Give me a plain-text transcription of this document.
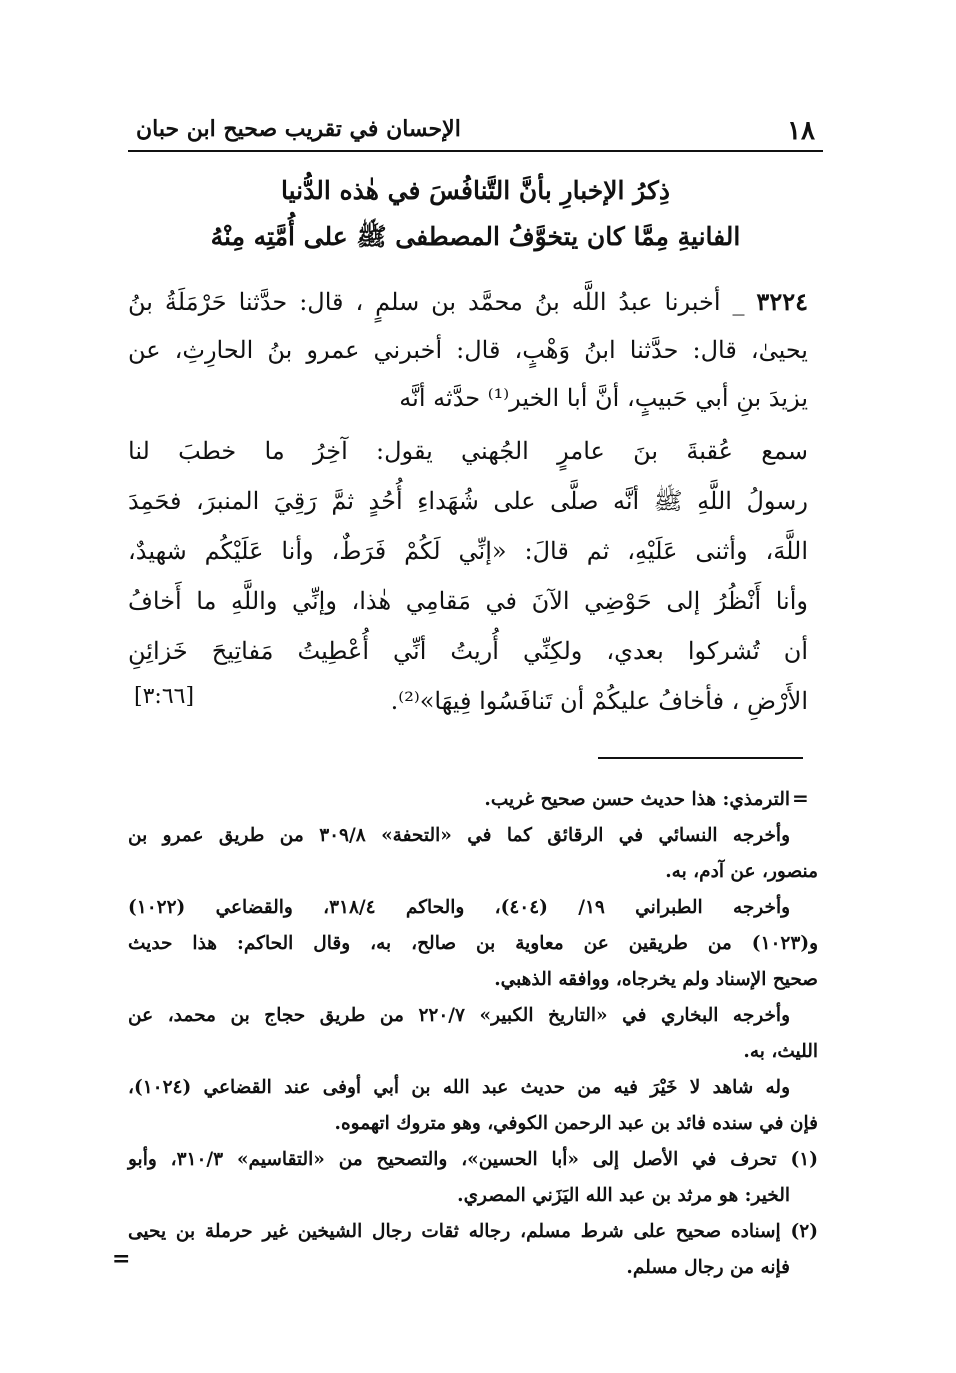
١٨
الإحسان في تقريب صحيح ابن حبان
ذِكرُ الإخبارِ بأنَّ التَّنافُسَ في هٰذه الدُّنيا
الفانيةِ مِمَّا كان يتخوَّفُ المصطفى ﷺ على أُمَّتِه مِنْهُ
٣٢٢٤ _ أخبرنا عبدُ اللَّه بنُ محمَّد بن سلمٍ ، قال: حدَّثنا حَرْمَلَةُ بنُ
يحيىٰ، قال: حدَّثنا ابنُ وَهْبٍ، قال: أخبرني عمرو بنُ الحارِثِ، عن
يزيدَ بنِ أبي حَبيبٍ، أنَّ أبا الخير⁽¹⁾ حدَّثه أنَّه
سمع عُقبةَ بنَ عامرٍ الجُهني يقول: آخِرُ ما خطبَ لنا
رسولُ اللَّهِ ﷺ أنَّه صلَّى على شُهَداءِ أُحُدٍ ثمَّ رَقِيَ المنبرَ، فحَمِدَ
اللَّهَ، وأثنى عَلَيْهِ، ثم قالَ: «إنِّي لَكُمْ فَرَطٌ، وأنا عَلَيْكُم شهيدٌ،
وأنا أَنْظُرُ إلى حَوْضِي الآنَ في مَقامِي هٰذا، وإنِّي واللَّهِ ما أَخافُ
أن تُشركوا بعدي، ولكِنِّي أُريتُ أنِّي أُعْطِيتُ مَفاتِيحَ خَزائِنِ
الأَرْضِ ، فأخافُ عليكُمْ أن تَنافَسُوا فِيهَا»⁽²⁾.
[٣:٦٦]
=
الترمذي: هذا حديث حسن صحيح غريب.
وأخرجه النسائي في الرقائق كما في «التحفة» ٣٠٩/٨ من طريق عمرو بن
منصور، عن آدم، به.
وأخرجه الطبراني ١٩/ (٤٠٤)، والحاكم ٣١٨/٤، والقضاعي (١٠٢٢)
و(١٠٢٣) من طريقين عن معاوية بن صالح، به، وقال الحاكم: هذا حديث
صحيح الإسناد ولم يخرجاه، ووافقه الذهبي.
وأخرجه البخاري في «التاريخ الكبير» ٢٢٠/٧ من طريق حجاج بن محمد، عن
الليث، به.
وله شاهد لا خَيْرَ فيه من حديث عبد الله بن أبي أوفى عند القضاعي (١٠٢٤)،
فإن في سنده فائد بن عبد الرحمن الكوفي، وهو متروك اتهموه.
(١) تحرف في الأصل إلى «أبا الحسين»، والتصحيح من «التقاسيم» ٣١٠/٣، وأبو
الخير: هو مرثد بن عبد الله اليَزَني المصري.
(٢) إسناده صحيح على شرط مسلم، رجاله ثقات رجال الشيخين غير حرملة بن يحيى
فإنه من رجال مسلم.
=
